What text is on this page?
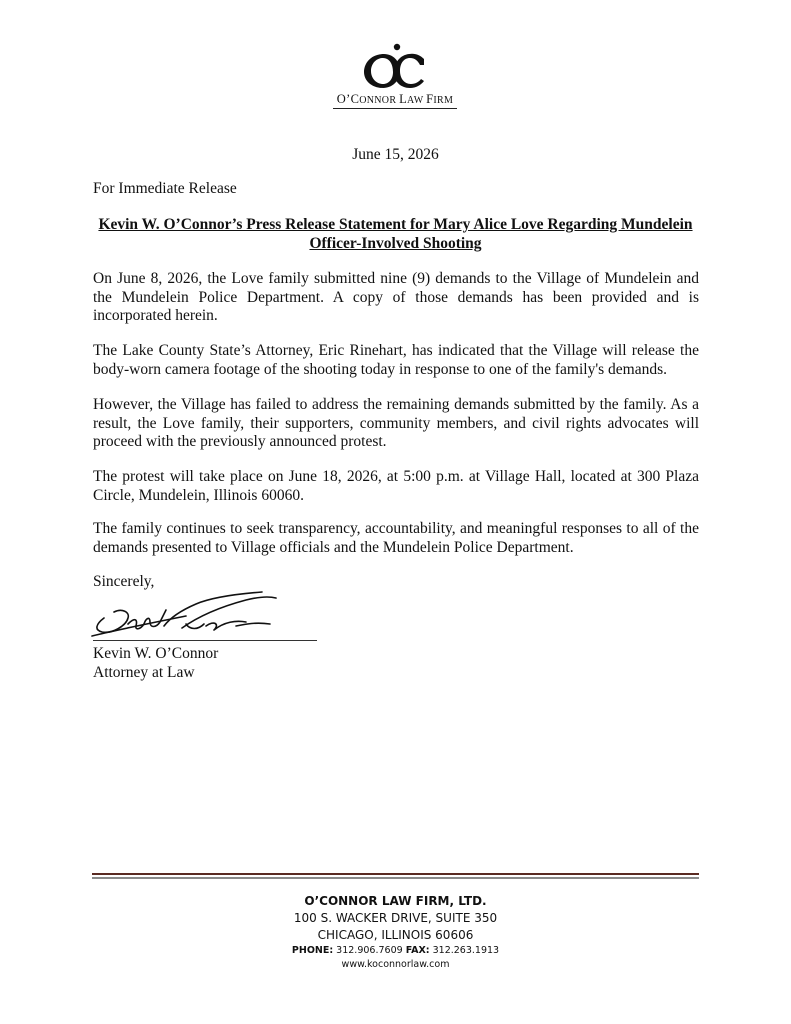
O’CONNOR LAW FIRM
June 15, 2026
For Immediate Release
Kevin W. O’Connor’s Press Release Statement for Mary Alice Love Regarding Mundelein
Officer-Involved Shooting

On June 8, 2026, the Love family submitted nine (9) demands to the Village of Mundelein and the Mundelein Police Department. A copy of those demands has been provided and is incorporated herein.

The Lake County State’s Attorney, Eric Rinehart, has indicated that the Village will release the body-worn camera footage of the shooting today in response to one of the family's demands.

However, the Village has failed to address the remaining demands submitted by the family. As a result, the Love family, their supporters, community members, and civil rights advocates will proceed with the previously announced protest.

The protest will take place on June 18, 2026, at 5:00 p.m. at Village Hall, located at 300 Plaza Circle, Mundelein, Illinois 60060.

The family continues to seek transparency, accountability, and meaningful responses to all of the demands presented to Village officials and the Mundelein Police Department.

Sincerely,
Kevin W. O’Connor
Attorney at Law
O’CONNOR LAW FIRM, LTD.
100 S. WACKER DRIVE, SUITE 350
CHICAGO, ILLINOIS 60606
PHONE: 312.906.7609 FAX: 312.263.1913
www.koconnorlaw.com
